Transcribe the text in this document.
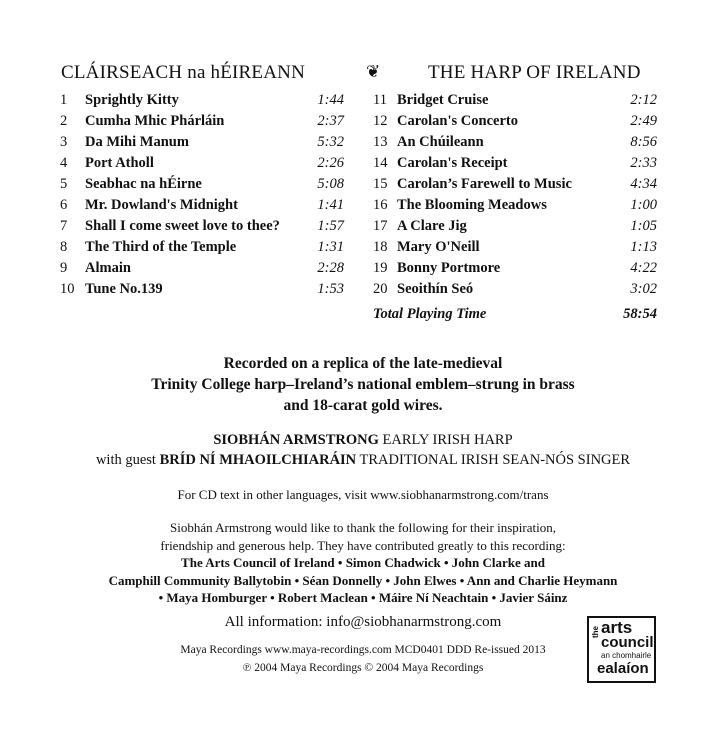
CLÁIRSEACH na hÉIREANN	❦	THE HARP OF IRELAND
1 Sprightly Kitty	1:44
2 Cumha Mhic Phárláin	2:37
3 Da Mihi Manum	5:32
4 Port Atholl	2:26
5 Seabhac na hÉirne	5:08
6 Mr. Dowland's Midnight	1:41
7 Shall I come sweet love to thee?	1:57
8 The Third of the Temple	1:31
9 Almain	2:28
10 Tune No.139	1:53
11 Bridget Cruise	2:12
12 Carolan's Concerto	2:49
13 An Chúileann	8:56
14 Carolan's Receipt	2:33
15 Carolan’s Farewell to Music	4:34
16 The Blooming Meadows	1:00
17 A Clare Jig	1:05
18 Mary O'Neill	1:13
19 Bonny Portmore	4:22
20 Seoithín Seó	3:02
Total Playing Time	58:54
Recorded on a replica of the late-medieval
Trinity College harp–Ireland’s national emblem–strung in brass
and 18-carat gold wires.
SIOBHÁN ARMSTRONG EARLY IRISH HARP
with guest BRÍD NÍ MHAOILCHIARÁIN TRADITIONAL IRISH SEAN-NÓS SINGER
For CD text in other languages, visit www.siobhanarmstrong.com/trans
Siobhán Armstrong would like to thank the following for their inspiration,
friendship and generous help. They have contributed greatly to this recording:
The Arts Council of Ireland • Simon Chadwick • John Clarke and
Camphill Community Ballytobin • Séan Donnelly • John Elwes • Ann and Charlie Heymann
• Maya Homburger • Robert Maclean • Máire Ní Neachtain • Javier Sáinz
All information: info@siobhanarmstrong.com
Maya Recordings www.maya-recordings.com MCD0401 DDD Re-issued 2013
℗ 2004 Maya Recordings © 2004 Maya Recordings
the arts
council
an chomhairle
ealaíon
